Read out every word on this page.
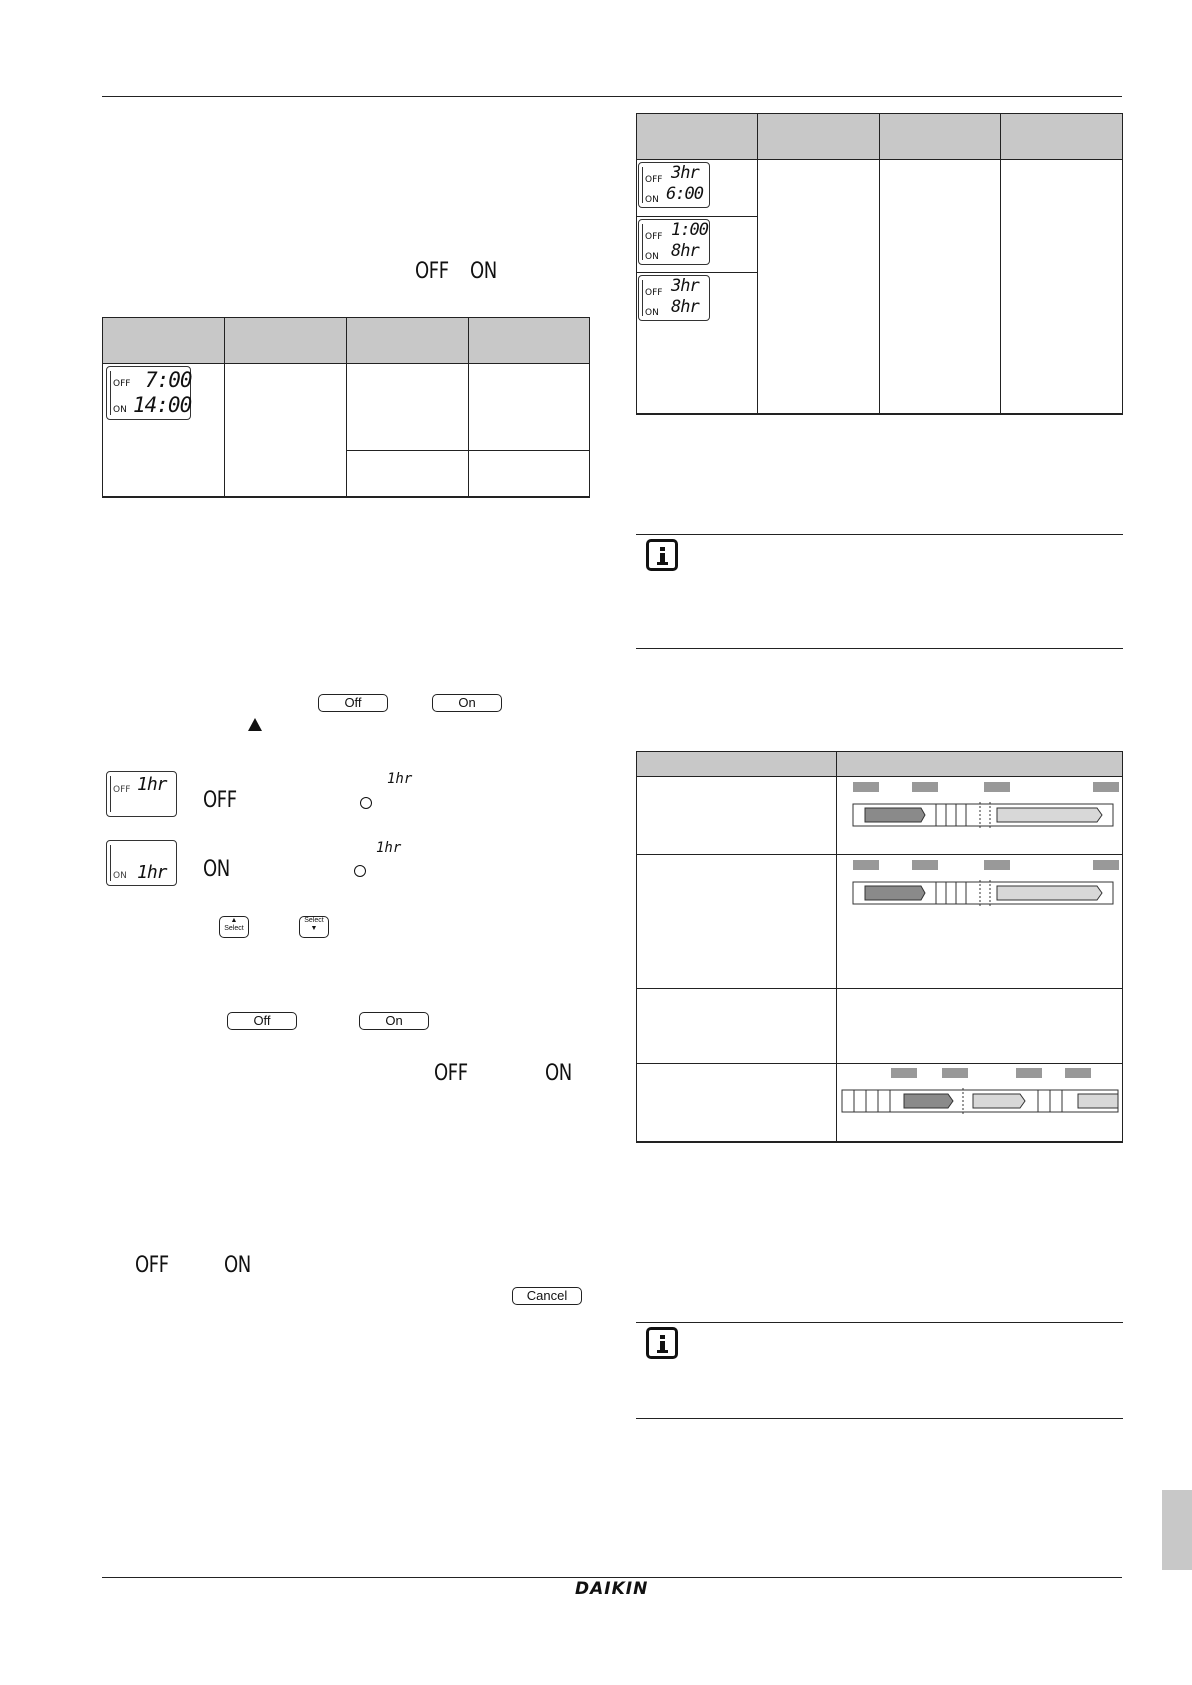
OFF ON
OFF 7:00
ON 14:00
Off	On
OFF 1hr
OFF
1hr
ON 1hr ON
1hr
▲
Select
Select
▼
Off	On
OFF	ON
OFF	ON
Cancel
OFF 3hr
ON 6:00
OFF 1:00
ON 8hr
OFF 3hr
ON 8hr
DAIKIN
